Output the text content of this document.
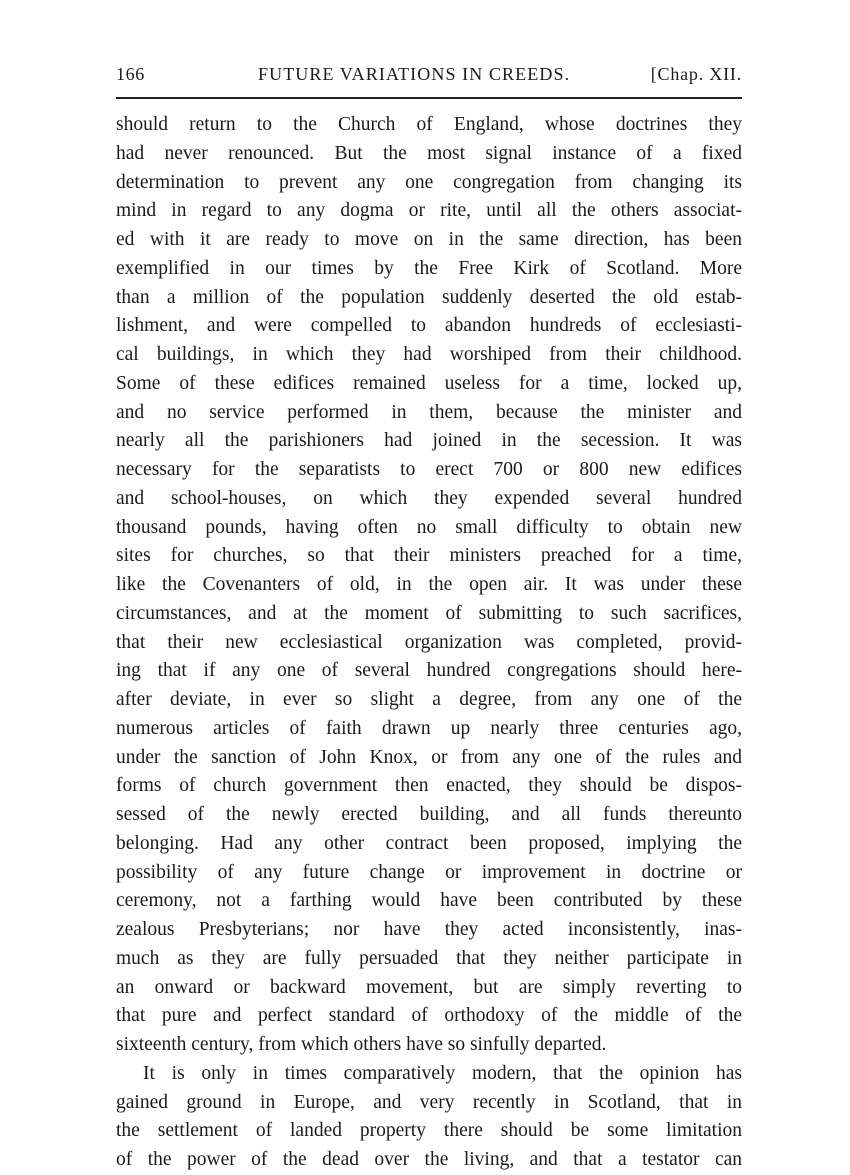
166	FUTURE VARIATIONS IN CREEDS.	[Chap. XII.

should return to the Church of England, whose doctrines they
had never renounced. But the most signal instance of a fixed
determination to prevent any one congregation from changing its
mind in regard to any dogma or rite, until all the others associat-
ed with it are ready to move on in the same direction, has been
exemplified in our times by the Free Kirk of Scotland. More
than a million of the population suddenly deserted the old estab-
lishment, and were compelled to abandon hundreds of ecclesiasti-
cal buildings, in which they had worshiped from their childhood.
Some of these edifices remained useless for a time, locked up,
and no service performed in them, because the minister and
nearly all the parishioners had joined in the secession. It was
necessary for the separatists to erect 700 or 800 new edifices
and school-houses, on which they expended several hundred
thousand pounds, having often no small difficulty to obtain new
sites for churches, so that their ministers preached for a time,
like the Covenanters of old, in the open air. It was under these
circumstances, and at the moment of submitting to such sacrifices,
that their new ecclesiastical organization was completed, provid-
ing that if any one of several hundred congregations should here-
after deviate, in ever so slight a degree, from any one of the
numerous articles of faith drawn up nearly three centuries ago,
under the sanction of John Knox, or from any one of the rules and
forms of church government then enacted, they should be dispos-
sessed of the newly erected building, and all funds thereunto
belonging. Had any other contract been proposed, implying the
possibility of any future change or improvement in doctrine or
ceremony, not a farthing would have been contributed by these
zealous Presbyterians; nor have they acted inconsistently, inas-
much as they are fully persuaded that they neither participate in
an onward or backward movement, but are simply reverting to
that pure and perfect standard of orthodoxy of the middle of the
sixteenth century, from which others have so sinfully departed.

It is only in times comparatively modern, that the opinion has
gained ground in Europe, and very recently in Scotland, that in
the settlement of landed property there should be some limitation
of the power of the dead over the living, and that a testator can
